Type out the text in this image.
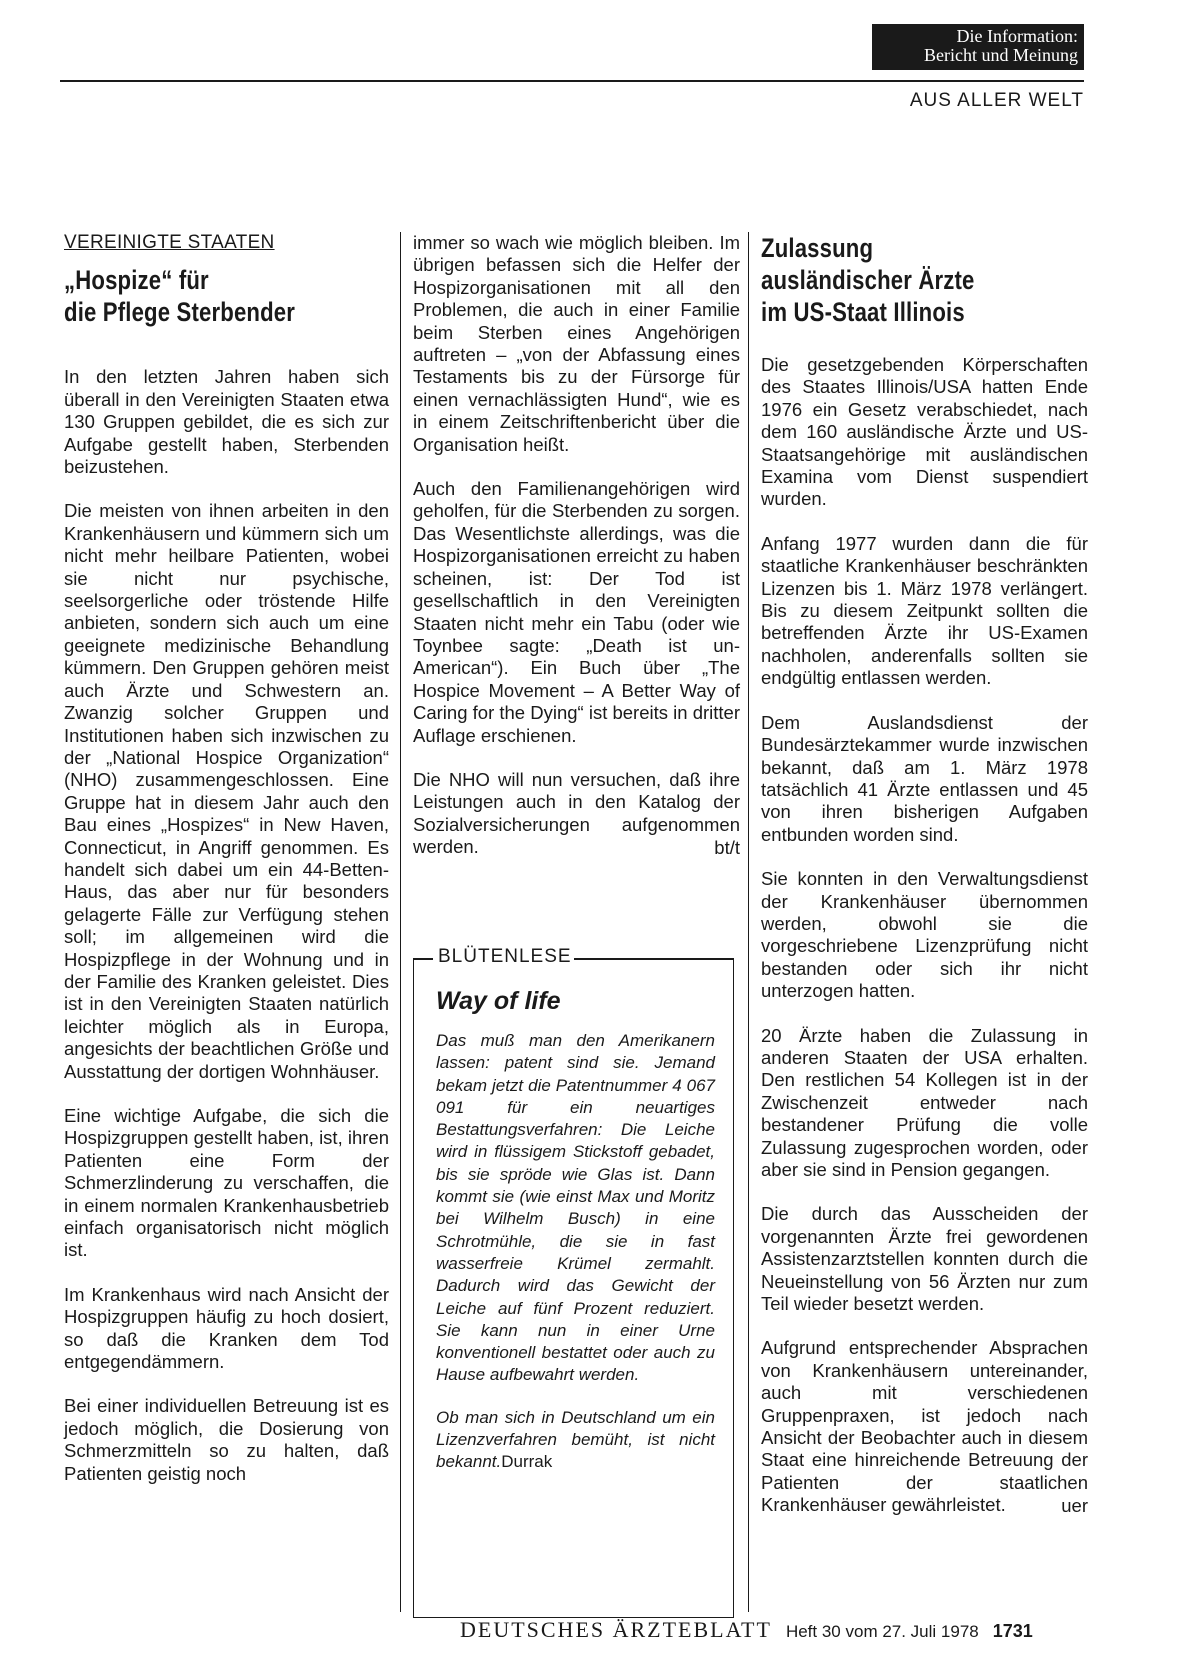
Die Information:
Bericht und Meinung
AUS ALLER WELT
VEREINIGTE STAATEN
„Hospize“ für
die Pflege Sterbender

In den letzten Jahren haben sich überall in den Vereinigten Staaten etwa 130 Gruppen gebildet, die es sich zur Aufgabe gestellt haben, Sterbenden beizustehen.

Die meisten von ihnen arbeiten in den Krankenhäusern und kümmern sich um nicht mehr heilbare Patienten, wobei sie nicht nur psychische, seelsorgerliche oder tröstende Hilfe anbieten, sondern sich auch um eine geeignete medizinische Behandlung kümmern. Den Gruppen gehören meist auch Ärzte und Schwestern an. Zwanzig solcher Gruppen und Institutionen haben sich inzwischen zu der „National Hospice Organization“ (NHO) zusammengeschlossen. Eine Gruppe hat in diesem Jahr auch den Bau eines „Hospizes“ in New Haven, Connecticut, in Angriff genommen. Es handelt sich dabei um ein 44-Betten-Haus, das aber nur für besonders gelagerte Fälle zur Verfügung stehen soll; im allgemeinen wird die Hospizpflege in der Wohnung und in der Familie des Kranken geleistet. Dies ist in den Vereinigten Staaten natürlich leichter möglich als in Europa, angesichts der beachtlichen Größe und Ausstattung der dortigen Wohnhäuser.

Eine wichtige Aufgabe, die sich die Hospizgruppen gestellt haben, ist, ihren Patienten eine Form der Schmerzlinderung zu verschaffen, die in einem normalen Krankenhausbetrieb einfach organisatorisch nicht möglich ist.

Im Krankenhaus wird nach Ansicht der Hospizgruppen häufig zu hoch dosiert, so daß die Kranken dem Tod entgegendämmern.

Bei einer individuellen Betreuung ist es jedoch möglich, die Dosierung von Schmerzmitteln so zu halten, daß Patienten geistig noch

immer so wach wie möglich bleiben. Im übrigen befassen sich die Helfer der Hospizorganisationen mit all den Problemen, die auch in einer Familie beim Sterben eines Angehörigen auftreten – „von der Abfassung eines Testaments bis zu der Fürsorge für einen vernachlässigten Hund“, wie es in einem Zeitschriftenbericht über die Organisation heißt.

Auch den Familienangehörigen wird geholfen, für die Sterbenden zu sorgen. Das Wesentlichste allerdings, was die Hospizorganisationen erreicht zu haben scheinen, ist: Der Tod ist gesellschaftlich in den Vereinigten Staaten nicht mehr ein Tabu (oder wie Toynbee sagte: „Death ist un-American“). Ein Buch über „The Hospice Movement – A Better Way of Caring for the Dying“ ist bereits in dritter Auflage erschienen.

Die NHO will nun versuchen, daß ihre Leistungen auch in den Katalog der Sozialversicherungen aufgenommen werden.	bt/t
BLÜTENLESE
Way of life

Das muß man den Amerikanern lassen: patent sind sie. Jemand bekam jetzt die Patentnummer 4 067 091 für ein neuartiges Bestattungsverfahren: Die Leiche wird in flüssigem Stickstoff gebadet, bis sie spröde wie Glas ist. Dann kommt sie (wie einst Max und Moritz bei Wilhelm Busch) in eine Schrotmühle, die sie in fast wasserfreie Krümel zermahlt. Dadurch wird das Gewicht der Leiche auf fünf Prozent reduziert. Sie kann nun in einer Urne konventionell bestattet oder auch zu Hause aufbewahrt werden.

Ob man sich in Deutschland um ein Lizenzverfahren bemüht, ist nicht bekannt.Durrak

Zulassung
ausländischer Ärzte
im US-Staat Illinois

Die gesetzgebenden Körperschaften des Staates Illinois/USA hatten Ende 1976 ein Gesetz verabschiedet, nach dem 160 ausländische Ärzte und US-Staatsangehörige mit ausländischen Examina vom Dienst suspendiert wurden.

Anfang 1977 wurden dann die für staatliche Krankenhäuser beschränkten Lizenzen bis 1. März 1978 verlängert. Bis zu diesem Zeitpunkt sollten die betreffenden Ärzte ihr US-Examen nachholen, anderenfalls sollten sie endgültig entlassen werden.

Dem Auslandsdienst der Bundesärztekammer wurde inzwischen bekannt, daß am 1. März 1978 tatsächlich 41 Ärzte entlassen und 45 von ihren bisherigen Aufgaben entbunden worden sind.

Sie konnten in den Verwaltungsdienst der Krankenhäuser übernommen werden, obwohl sie die vorgeschriebene Lizenzprüfung nicht bestanden oder sich ihr nicht unterzogen hatten.

20 Ärzte haben die Zulassung in anderen Staaten der USA erhalten. Den restlichen 54 Kollegen ist in der Zwischenzeit entweder nach bestandener Prüfung die volle Zulassung zugesprochen worden, oder aber sie sind in Pension gegangen.

Die durch das Ausscheiden der vorgenannten Ärzte frei gewordenen Assistenzarztstellen konnten durch die Neueinstellung von 56 Ärzten nur zum Teil wieder besetzt werden.

Aufgrund entsprechender Absprachen von Krankenhäusern untereinander, auch mit verschiedenen Gruppenpraxen, ist jedoch nach Ansicht der Beobachter auch in diesem Staat eine hinreichende Betreuung der Patienten der staatlichen Krankenhäuser gewährleistet.	uer
DEUTSCHES ÄRZTEBLATT Heft 30 vom 27. Juli 1978 1731
